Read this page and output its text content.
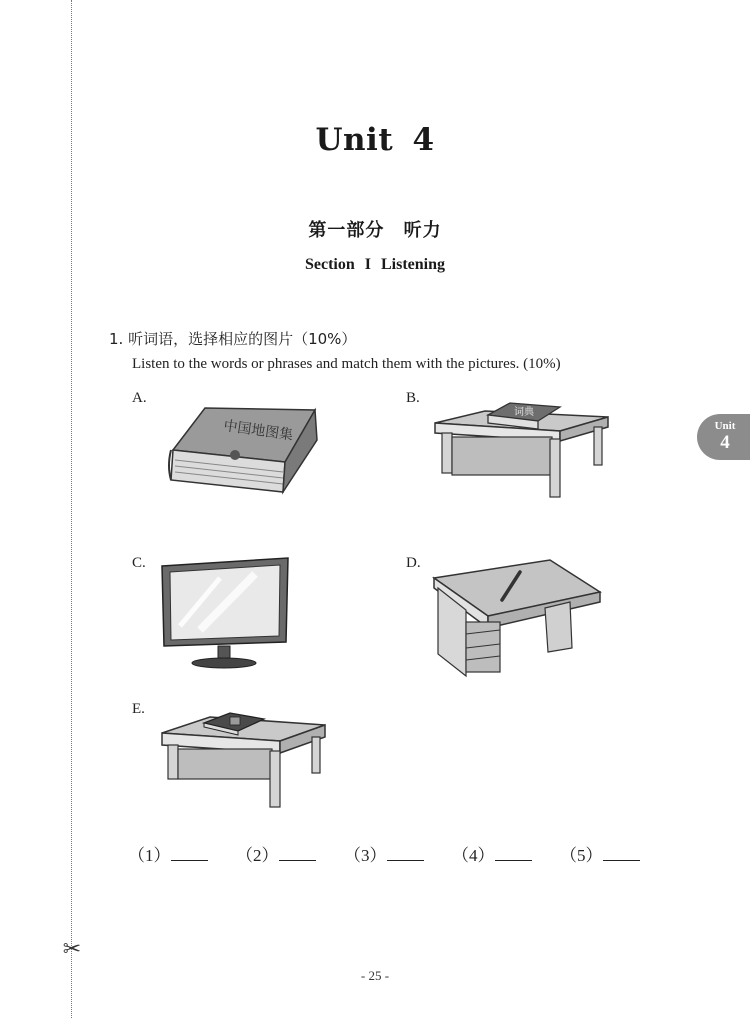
✂
Unit 4
第一部分 听力
Section I Listening
Unit
4
1. 听词语，选择相应的图片（10%）
Listen to the words or phrases and match them with the pictures. (10%)
A.
中国地图集
B.
词典
C.	D.
E.
（1）	（2）	（3）	（4）	（5）
- 25 -
